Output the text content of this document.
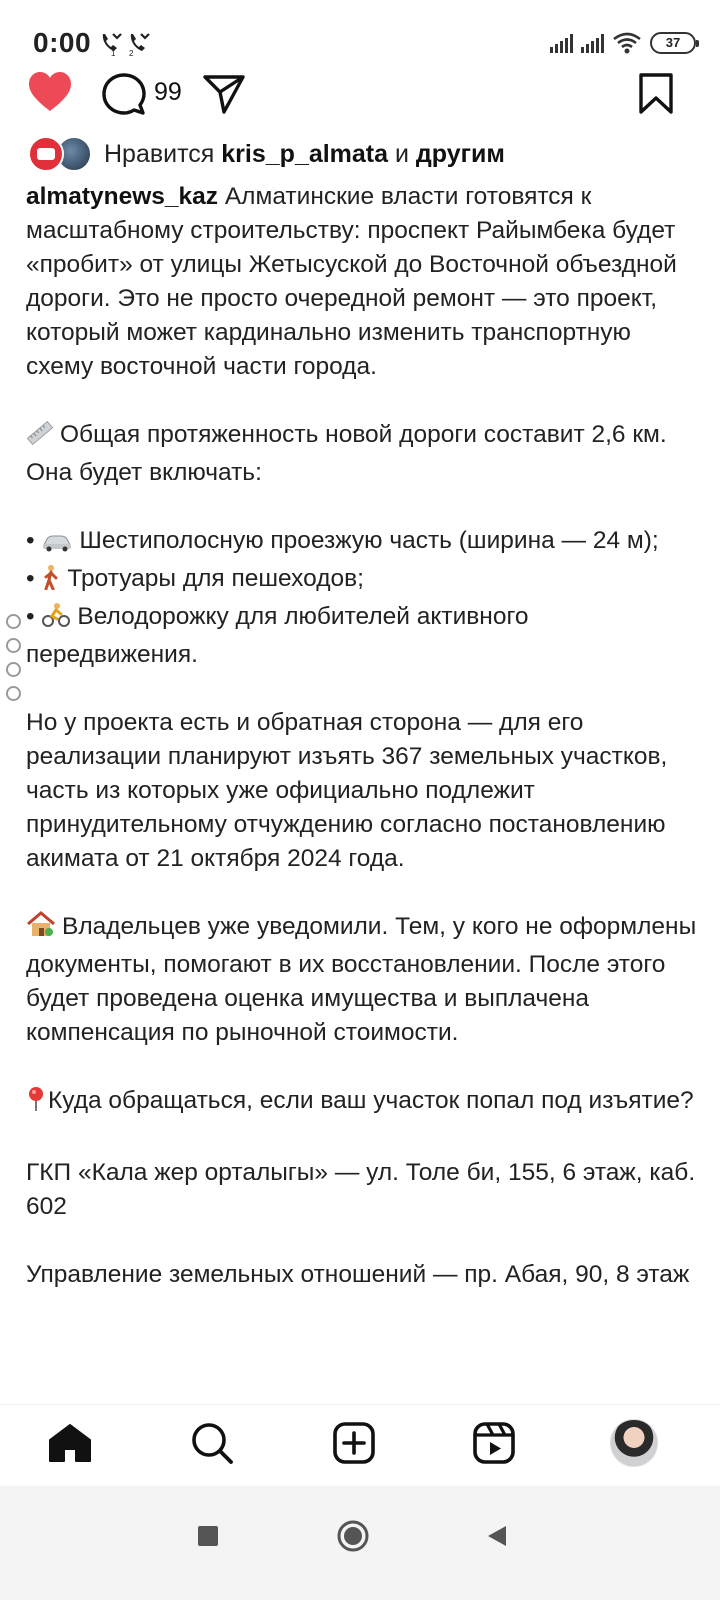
0:00 1 2
37
99
Нравится kris_p_almata и другим

almatynews_kaz Алматинские власти готовятся к масштабному строительству: проспект Райымбека будет «пробит» от улицы Жетысуской до Восточной объездной дороги. Это не просто очередной ремонт — это проект, который может кардинально изменить транспортную схему восточной части города.

Общая протяженность новой дороги составит 2,6 км. Она будет включать:

• Шестиполосную проезжую часть (ширина — 24 м);
• Тротуары для пешеходов;
• Велодорожку для любителей активного передвижения.

Но у проекта есть и обратная сторона — для его реализации планируют изъять 367 земельных участков, часть из которых уже официально подлежит принудительному отчуждению согласно постановлению акимата от 21 октября 2024 года.

Владельцев уже уведомили. Тем, у кого не оформлены документы, помогают в их восстановлении. После этого будет проведена оценка имущества и выплачена компенсация по рыночной стоимости.

Куда обращаться, если ваш участок попал под изъятие?

ГКП «Кала жер орталыгы» — ул. Толе би, 155, 6 этаж, каб. 602

Управление земельных отношений — пр. Абая, 90, 8 этаж
